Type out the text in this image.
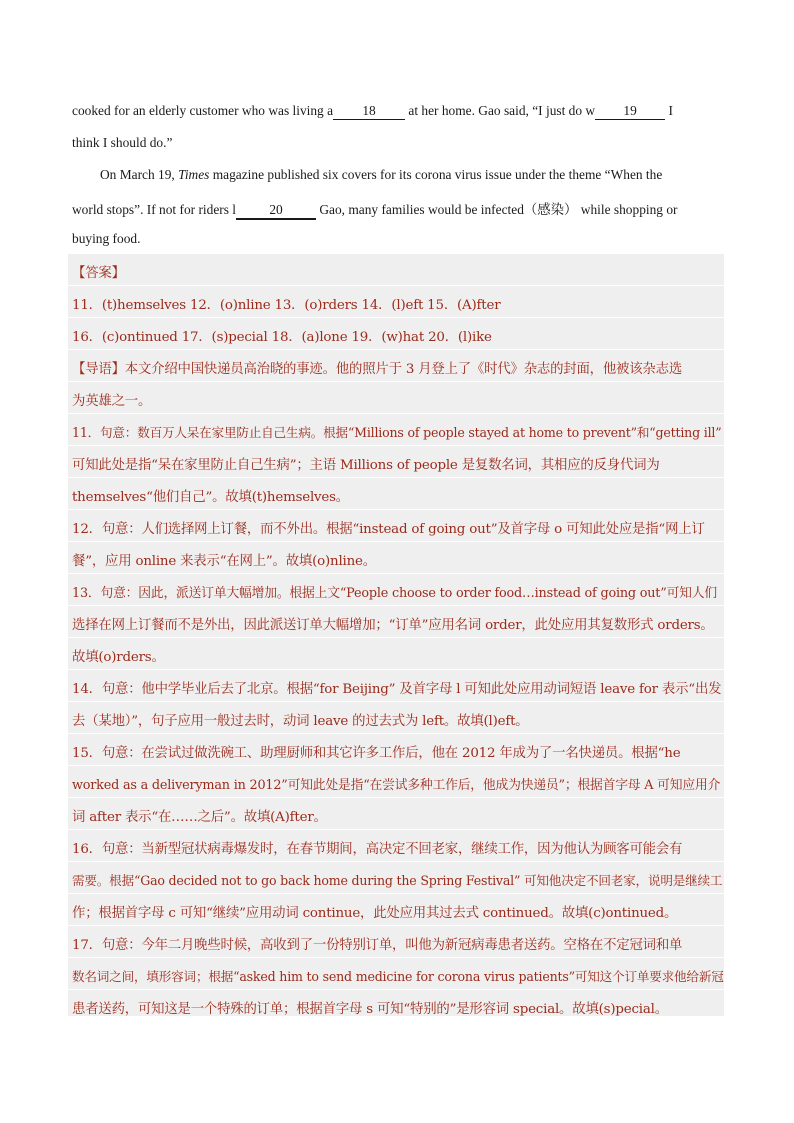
cooked for an elderly customer who was living a 18 at her home. Gao said, “I just do w 19 I
think I should do.”
On March 19, Times magazine published six covers for its corona virus issue under the theme “When the
world stops”. If not for riders l 20	Gao, many families would be infected（感染） while shopping or
buying food.
【答案】
11．(t)hemselves 12．(o)nline 13．(o)rders 14．(l)eft 15．(A)fter
16．(c)ontinued 17．(s)pecial 18．(a)lone 19．(w)hat 20．(l)ike
【导语】本文介绍中国快递员高治晓的事迹。他的照片于 3 月登上了《时代》杂志的封面，他被该杂志选
为英雄之一。
11．句意：数百万人呆在家里防止自己生病。根据“Millions of people stayed at home to prevent”和“getting ill”
可知此处是指“呆在家里防止自己生病”；主语 Millions of people 是复数名词，其相应的反身代词为
themselves“他们自己”。故填(t)hemselves。
12．句意：人们选择网上订餐，而不外出。根据“instead of going out”及首字母 o 可知此处应是指“网上订
餐”，应用 online 来表示“在网上”。故填(o)nline。
13．句意：因此，派送订单大幅增加。根据上文“People choose to order food…instead of going out”可知人们
选择在网上订餐而不是外出，因此派送订单大幅增加；“订单”应用名词 order，此处应用其复数形式 orders。
故填(o)rders。
14．句意：他中学毕业后去了北京。根据“for Beijing” 及首字母 l 可知此处应用动词短语 leave for 表示“出发
去（某地）”，句子应用一般过去时，动词 leave 的过去式为 left。故填(l)eft。
15．句意：在尝试过做洗碗工、助理厨师和其它许多工作后，他在 2012 年成为了一名快递员。根据“he
worked as a deliveryman in 2012”可知此处是指“在尝试多种工作后，他成为快递员”；根据首字母 A 可知应用介
词 after 表示“在……之后”。故填(A)fter。
16．句意：当新型冠状病毒爆发时，在春节期间，高决定不回老家，继续工作，因为他认为顾客可能会有
需要。根据“Gao decided not to go back home during the Spring Festival” 可知他决定不回老家，说明是继续工
作；根据首字母 c 可知“继续”应用动词 continue，此处应用其过去式 continued。故填(c)ontinued。
17．句意：今年二月晚些时候，高收到了一份特别订单，叫他为新冠病毒患者送药。空格在不定冠词和单
数名词之间，填形容词；根据“asked him to send medicine for corona virus patients”可知这个订单要求他给新冠
患者送药，可知这是一个特殊的订单；根据首字母 s 可知“特别的”是形容词 special。故填(s)pecial。
